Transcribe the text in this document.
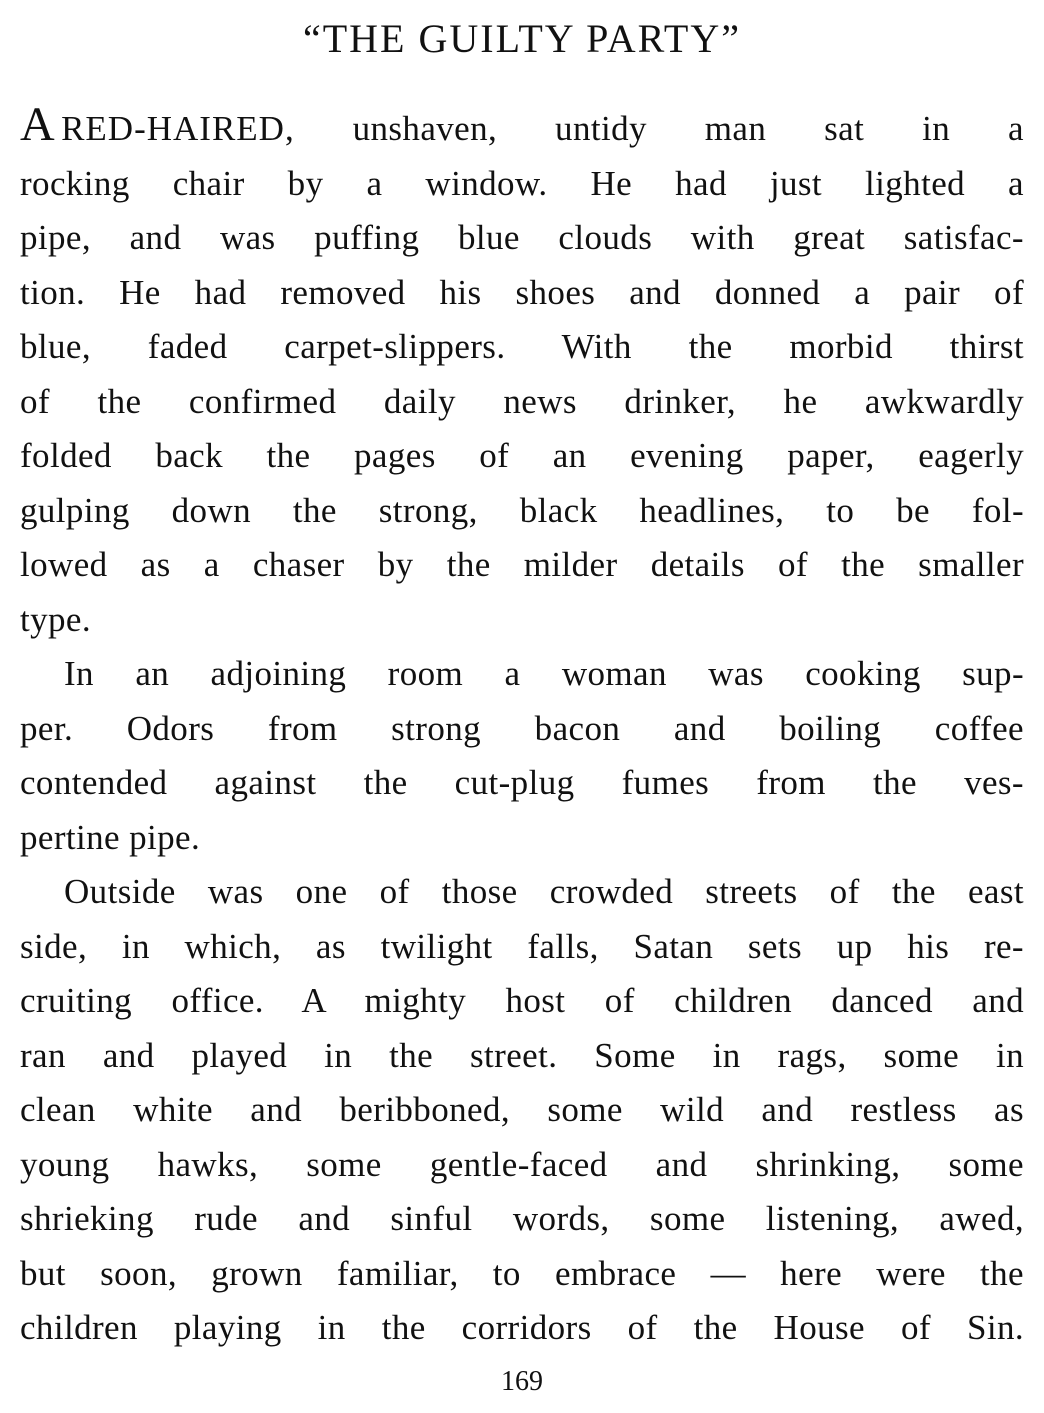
“THE GUILTY PARTY”

A RED-HAIRED, unshaven, untidy man sat in a
rocking chair by a window. He had just lighted a
pipe, and was puffing blue clouds with great satisfac-
tion. He had removed his shoes and donned a pair of
blue, faded carpet-slippers. With the morbid thirst
of the confirmed daily news drinker, he awkwardly
folded back the pages of an evening paper, eagerly
gulping down the strong, black headlines, to be fol-
lowed as a chaser by the milder details of the smaller
type.

In an adjoining room a woman was cooking sup-
per. Odors from strong bacon and boiling coffee
contended against the cut-plug fumes from the ves-
pertine pipe.

Outside was one of those crowded streets of the east
side, in which, as twilight falls, Satan sets up his re-
cruiting office. A mighty host of children danced and
ran and played in the street. Some in rags, some in
clean white and beribboned, some wild and restless as
young hawks, some gentle-faced and shrinking, some
shrieking rude and sinful words, some listening, awed,
but soon, grown familiar, to embrace — here were the
children playing in the corridors of the House of Sin.

169
